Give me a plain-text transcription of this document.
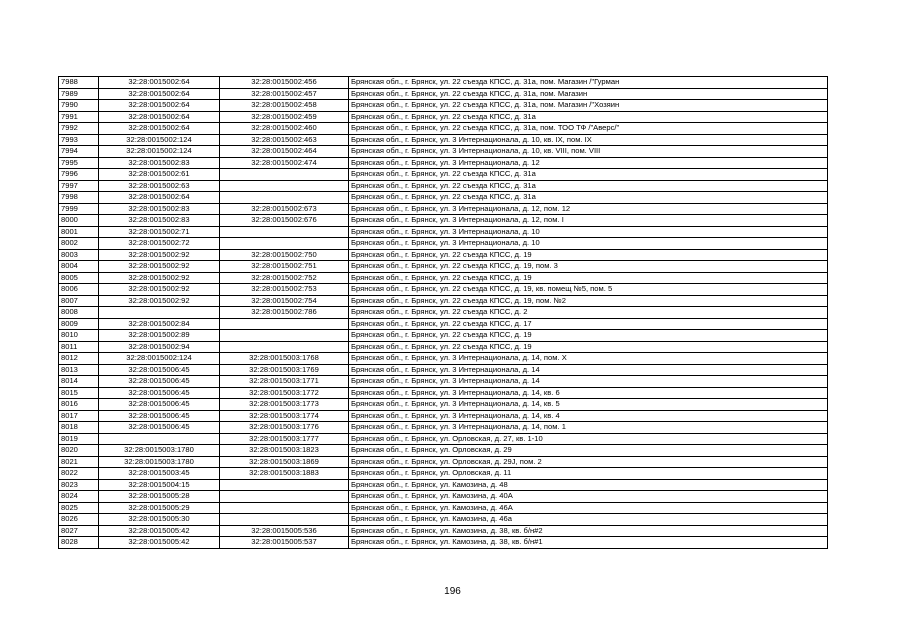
7988	32:28:0015002:64	32:28:0015002:456	Брянская обл., г. Брянск, ул. 22 съезда КПСС, д. 31а, пом. Магазин /"Гурман
7989	32:28:0015002:64	32:28:0015002:457	Брянская обл., г. Брянск, ул. 22 съезда КПСС, д. 31а, пом. Магазин
7990	32:28:0015002:64	32:28:0015002:458	Брянская обл., г. Брянск, ул. 22 съезда КПСС, д. 31а, пом. Магазин /"Хозяин
7991	32:28:0015002:64	32:28:0015002:459	Брянская обл., г. Брянск, ул. 22 съезда КПСС, д. 31а
7992	32:28:0015002:64	32:28:0015002:460	Брянская обл., г. Брянск, ул. 22 съезда КПСС, д. 31а, пом. ТОО ТФ /"Аверс/"
7993	32:28:0015002:124	32:28:0015002:463	Брянская обл., г. Брянск, ул. 3 Интернационала, д. 10, кв. IX, пом. IX
7994	32:28:0015002:124	32:28:0015002:464	Брянская обл., г. Брянск, ул. 3 Интернационала, д. 10, кв. VIII, пом. VIII
7995	32:28:0015002:83	32:28:0015002:474	Брянская обл., г. Брянск, ул. 3 Интернационала, д. 12
7996	32:28:0015002:61		Брянская обл., г. Брянск, ул. 22 съезда КПСС, д. 31а
7997	32:28:0015002:63		Брянская обл., г. Брянск, ул. 22 съезда КПСС, д. 31а
7998	32:28:0015002:64		Брянская обл., г. Брянск, ул. 22 съезда КПСС, д. 31а
7999	32:28:0015002:83	32:28:0015002:673	Брянская обл., г. Брянск, ул. 3 Интернационала, д. 12, пом. 12
8000	32:28:0015002:83	32:28:0015002:676	Брянская обл., г. Брянск, ул. 3 Интернационала, д. 12, пом. I
8001	32:28:0015002:71		Брянская обл., г. Брянск, ул. 3 Интернационала, д. 10
8002	32:28:0015002:72		Брянская обл., г. Брянск, ул. 3 Интернационала, д. 10
8003	32:28:0015002:92	32:28:0015002:750	Брянская обл., г. Брянск, ул. 22 съезда КПСС, д. 19
8004	32:28:0015002:92	32:28:0015002:751	Брянская обл., г. Брянск, ул. 22 съезда КПСС, д. 19, пом. 3
8005	32:28:0015002:92	32:28:0015002:752	Брянская обл., г. Брянск, ул. 22 съезда КПСС, д. 19
8006	32:28:0015002:92	32:28:0015002:753	Брянская обл., г. Брянск, ул. 22 съезда КПСС, д. 19, кв. помещ №5, пом. 5
8007	32:28:0015002:92	32:28:0015002:754	Брянская обл., г. Брянск, ул. 22 съезда КПСС, д. 19, пом. №2
8008		32:28:0015002:786	Брянская обл., г. Брянск, ул. 22 съезда КПСС, д. 2
8009	32:28:0015002:84		Брянская обл., г. Брянск, ул. 22 съезда КПСС, д. 17
8010	32:28:0015002:89		Брянская обл., г. Брянск, ул. 22 съезда КПСС, д. 19
8011	32:28:0015002:94		Брянская обл., г. Брянск, ул. 22 съезда КПСС, д. 19
8012	32:28:0015002:124	32:28:0015003:1768	Брянская обл., г. Брянск, ул. 3 Интернационала, д. 14, пом. X
8013	32:28:0015006:45	32:28:0015003:1769	Брянская обл., г. Брянск, ул. 3 Интернационала, д. 14
8014	32:28:0015006:45	32:28:0015003:1771	Брянская обл., г. Брянск, ул. 3 Интернационала, д. 14
8015	32:28:0015006:45	32:28:0015003:1772	Брянская обл., г. Брянск, ул. 3 Интернационала, д. 14, кв. 6
8016	32:28:0015006:45	32:28:0015003:1773	Брянская обл., г. Брянск, ул. 3 Интернационала, д. 14, кв. 5
8017	32:28:0015006:45	32:28:0015003:1774	Брянская обл., г. Брянск, ул. 3 Интернационала, д. 14, кв. 4
8018	32:28:0015006:45	32:28:0015003:1776	Брянская обл., г. Брянск, ул. 3 Интернационала, д. 14, пом. 1
8019		32:28:0015003:1777	Брянская обл., г. Брянск, ул. Орловская, д. 27, кв. 1-10
8020	32:28:0015003:1780	32:28:0015003:1823	Брянская обл., г. Брянск, ул. Орловская, д. 29
8021	32:28:0015003:1780	32:28:0015003:1869	Брянская обл., г. Брянск, ул. Орловская, д. 29Ј, пом. 2
8022	32:28:0015003:45	32:28:0015003:1883	Брянская обл., г. Брянск, ул. Орловская, д. 11
8023	32:28:0015004:15		Брянская обл., г. Брянск, ул. Камозина, д. 48
8024	32:28:0015005:28		Брянская обл., г. Брянск, ул. Камозина, д. 40А
8025	32:28:0015005:29		Брянская обл., г. Брянск, ул. Камозина, д. 46А
8026	32:28:0015005:30		Брянская обл., г. Брянск, ул. Камозина, д. 46а
8027	32:28:0015005:42	32:28:0015005:536	Брянская обл., г. Брянск, ул. Камозина, д. 38, кв. б/н#2
8028	32:28:0015005:42	32:28:0015005:537	Брянская обл., г. Брянск, ул. Камозина, д. 38, кв. б/н#1
196
